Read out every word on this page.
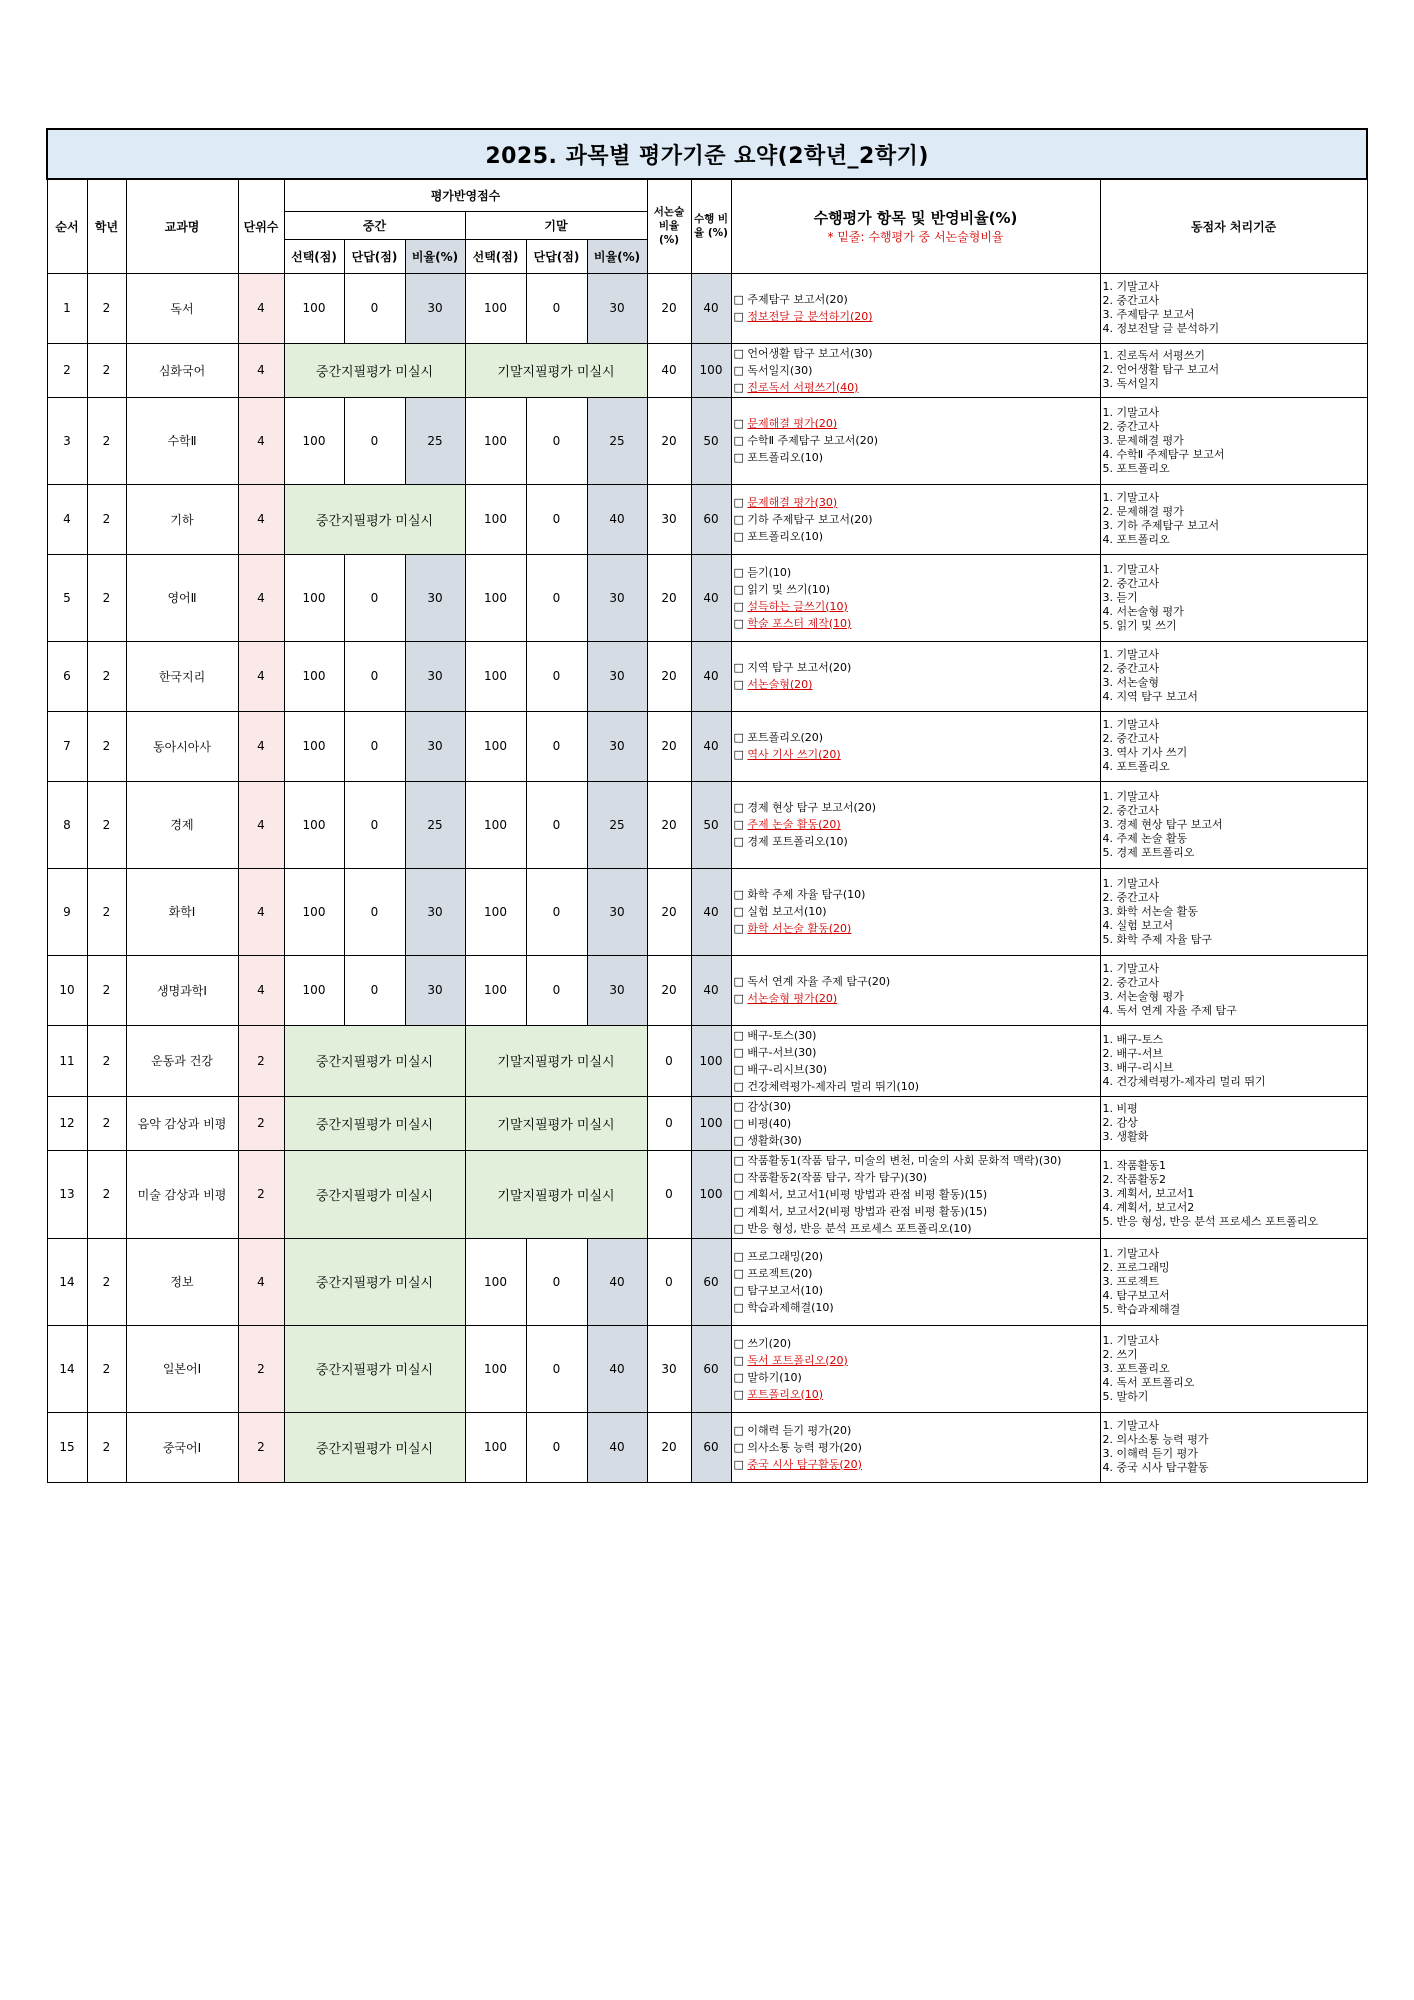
2025. 과목별 평가기준 요약(2학년_2학기)													
순서	학년	교과명	단위수	평가반영점수						서논술 비율 (%)	수행 비율 (%)	수행평가 항목 및 반영비율(%)
* 밑줄: 수행평가 중 서논술형비율	동점자 처리기준
				중간			기말						
				선택(점)	단답(점)	비율(%)	선택(점)	단답(점)	비율(%)				
1	2	독서	4	100	0	30	100	0	30	20	40	□ 주제탐구 보고서(20)
□ 정보전달 글 분석하기(20)	1. 기말고사
2. 중간고사
3. 주제탐구 보고서
4. 정보전달 글 분석하기

2	2	심화국어	4	중간지필평가 미실시			기말지필평가 미실시			40	100	□ 언어생활 탐구 보고서(30)
□ 독서일지(30)
□ 진로독서 서평쓰기(40)	1. 진로독서 서평쓰기
2. 언어생활 탐구 보고서
3. 독서일지

3	2	수학Ⅱ	4	100	0	25	100	0	25	20	50	□ 문제해결 평가(20)
□ 수학Ⅱ 주제탐구 보고서(20)
□ 포트폴리오(10)	1. 기말고사
2. 중간고사
3. 문제해결 평가
4. 수학Ⅱ 주제탐구 보고서
5. 포트폴리오

4	2	기하	4	중간지필평가 미실시			100	0	40	30	60	□ 문제해결 평가(30)
□ 기하 주제탐구 보고서(20)
□ 포트폴리오(10)	1. 기말고사
2. 문제해결 평가
3. 기하 주제탐구 보고서
4. 포트폴리오

5	2	영어Ⅱ	4	100	0	30	100	0	30	20	40	□ 듣기(10)
□ 읽기 및 쓰기(10)
□ 설득하는 글쓰기(10)
□ 학술 포스터 제작(10)	1. 기말고사
2. 중간고사
3. 듣기
4. 서논술형 평가
5. 읽기 및 쓰기

6	2	한국지리	4	100	0	30	100	0	30	20	40	□ 지역 탐구 보고서(20)
□ 서논술형(20)	1. 기말고사
2. 중간고사
3. 서논술형
4. 지역 탐구 보고서

7	2	동아시아사	4	100	0	30	100	0	30	20	40	□ 포트폴리오(20)
□ 역사 기사 쓰기(20)	1. 기말고사
2. 중간고사
3. 역사 기사 쓰기
4. 포트폴리오

8	2	경제	4	100	0	25	100	0	25	20	50	□ 경제 현상 탐구 보고서(20)
□ 주제 논술 활동(20)
□ 경제 포트폴리오(10)	1. 기말고사
2. 중간고사
3. 경제 현상 탐구 보고서
4. 주제 논술 활동
5. 경제 포트폴리오

9	2	화학Ⅰ	4	100	0	30	100	0	30	20	40	□ 화학 주제 자율 탐구(10)
□ 실험 보고서(10)
□ 화학 서논술 활동(20)	1. 기말고사
2. 중간고사
3. 화학 서논술 활동
4. 실험 보고서
5. 화학 주제 자율 탐구

10	2	생명과학Ⅰ	4	100	0	30	100	0	30	20	40	□ 독서 연계 자율 주제 탐구(20)
□ 서논술형 평가(20)	1. 기말고사
2. 중간고사
3. 서논술형 평가
4. 독서 연계 자율 주제 탐구

11	2	운동과 건강	2	중간지필평가 미실시			기말지필평가 미실시			0	100	□ 배구-토스(30)
□ 배구-서브(30)
□ 배구-리시브(30)
□ 건강체력평가-제자리 멀리 뛰기(10)	1. 배구-토스
2. 배구-서브
3. 배구-리시브
4. 건강체력평가-제자리 멀리 뛰기

12	2	음악 감상과 비평	2	중간지필평가 미실시			기말지필평가 미실시			0	100	□ 감상(30)
□ 비평(40)
□ 생활화(30)	1. 비평
2. 감상
3. 생활화

13	2	미술 감상과 비평	2	중간지필평가 미실시			기말지필평가 미실시			0	100	□ 작품활동1(작품 탐구, 미술의 변천, 미술의 사회 문화적 맥락)(30)
□ 작품활동2(작품 탐구, 작가 탐구)(30)
□ 계획서, 보고서1(비평 방법과 관점 비평 활동)(15)
□ 계획서, 보고서2(비평 방법과 관점 비평 활동)(15)
□ 반응 형성, 반응 분석 프로세스 포트폴리오(10)	1. 작품활동1
2. 작품활동2
3. 계획서, 보고서1
4. 계획서, 보고서2
5. 반응 형성, 반응 분석 프로세스 포트폴리오

14	2	정보	4	중간지필평가 미실시			100	0	40	0	60	□ 프로그래밍(20)
□ 프로젝트(20)
□ 탐구보고서(10)
□ 학습과제해결(10)	1. 기말고사
2. 프로그래밍
3. 프로젝트
4. 탐구보고서
5. 학습과제해결

14	2	일본어Ⅰ	2	중간지필평가 미실시			100	0	40	30	60	□ 쓰기(20)
□ 독서 포트폴리오(20)
□ 말하기(10)
□ 포트폴리오(10)	1. 기말고사
2. 쓰기
3. 포트폴리오
4. 독서 포트폴리오
5. 말하기

15	2	중국어Ⅰ	2	중간지필평가 미실시			100	0	40	20	60	□ 이해력 듣기 평가(20)
□ 의사소통 능력 평가(20)
□ 중국 시사 탐구활동(20)	1. 기말고사
2. 의사소통 능력 평가
3. 이해력 듣기 평가
4. 중국 시사 탐구활동
